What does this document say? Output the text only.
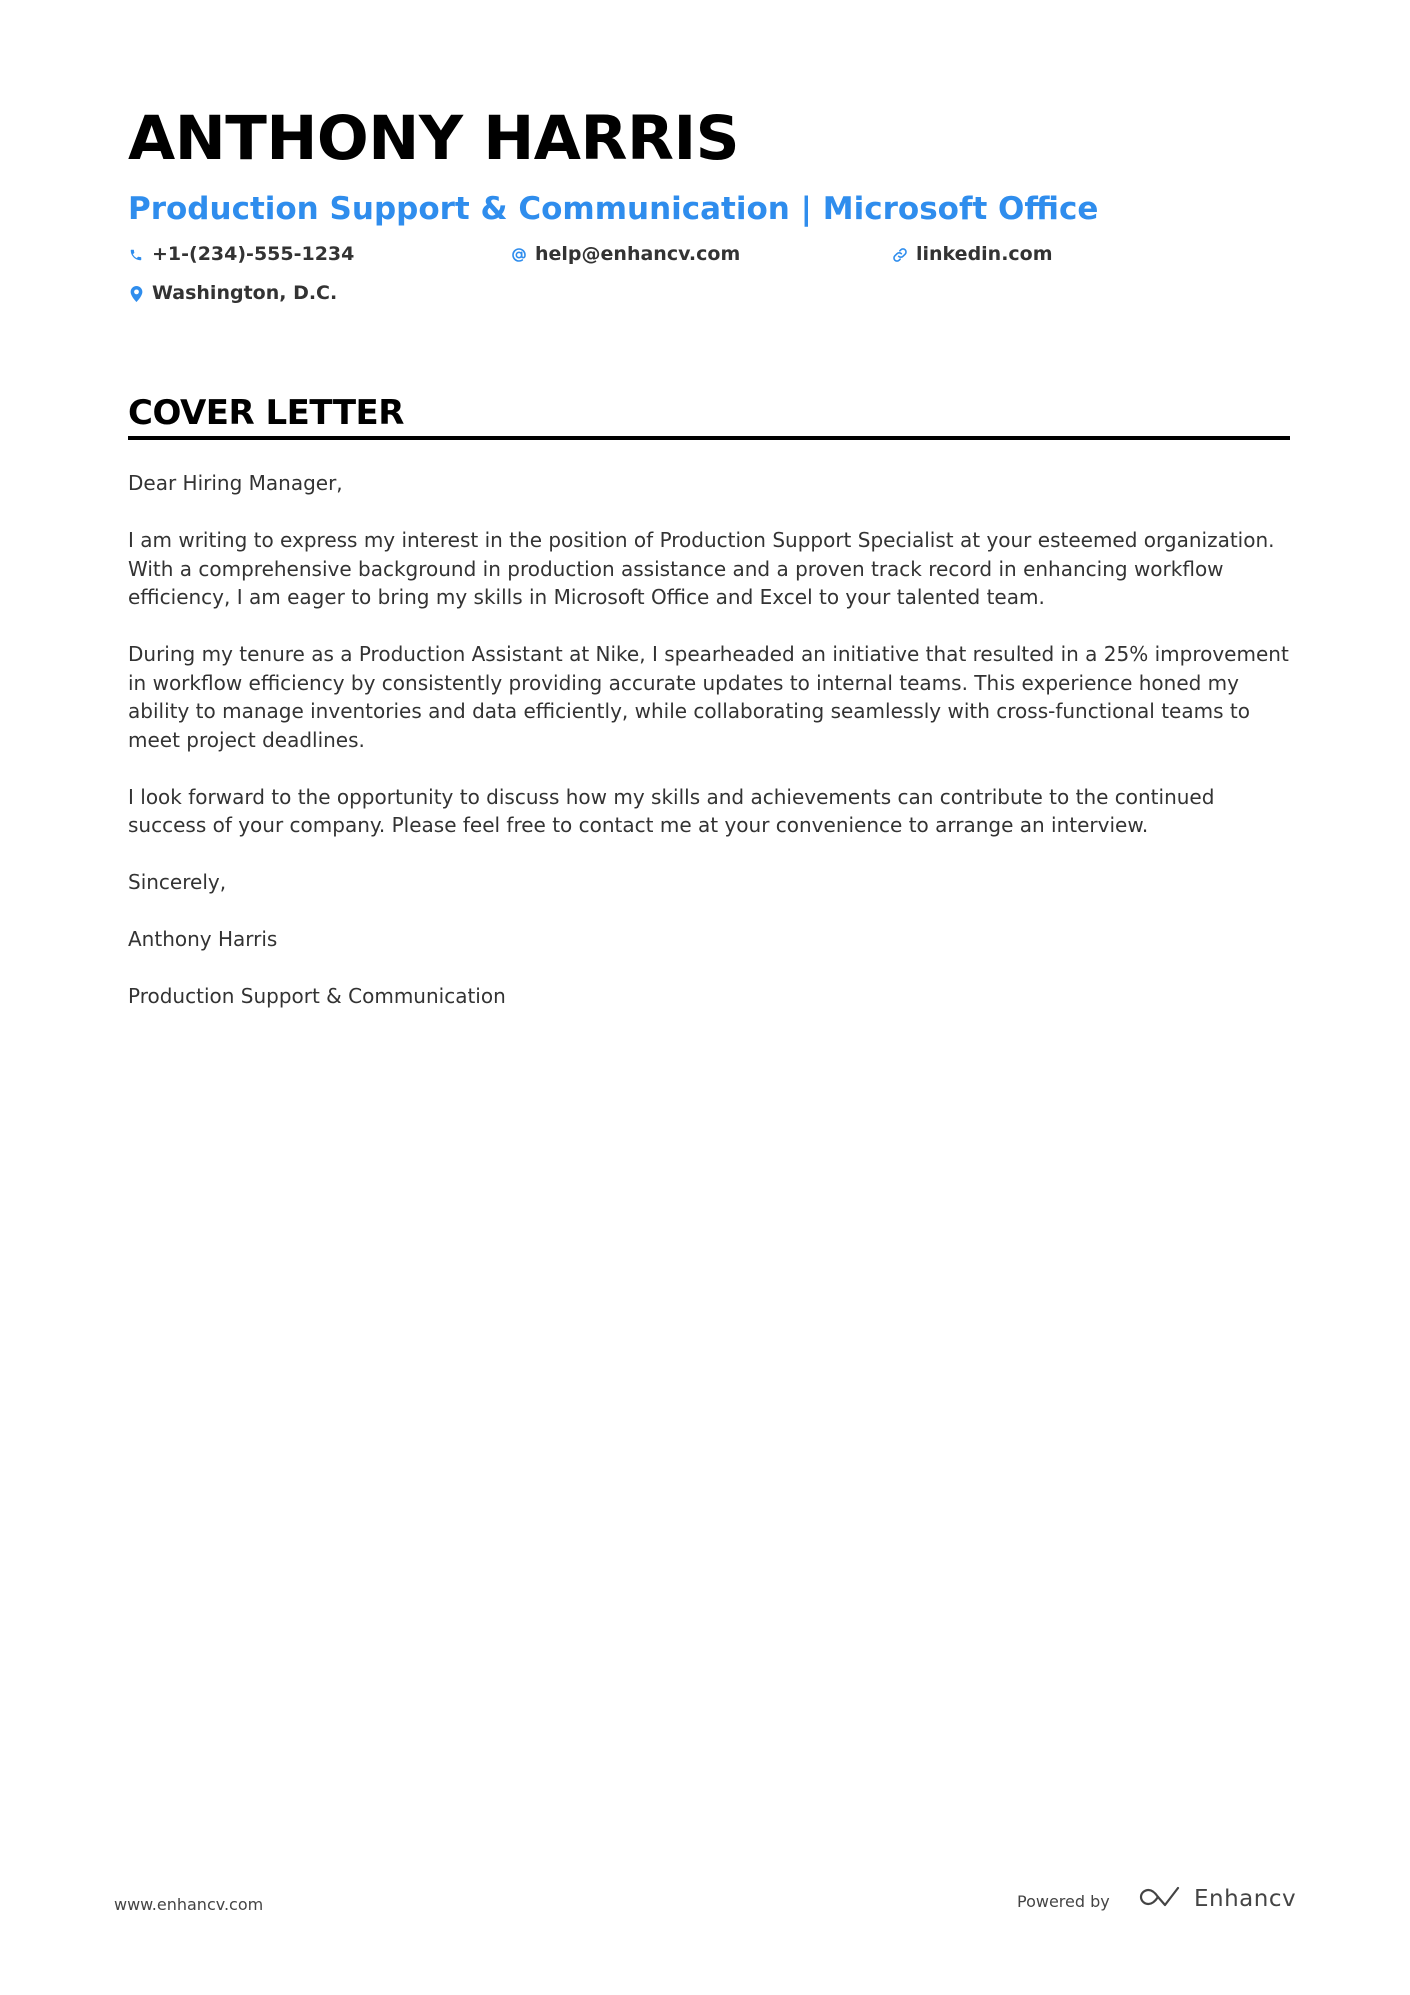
ANTHONY HARRIS
Production Support & Communication | Microsoft Office
+1-(234)-555-1234	help@enhancv.com	linkedin.com
Washington, D.C.
COVER LETTER

Dear Hiring Manager,

I am writing to express my interest in the position of Production Support Specialist at your esteemed organization. With a comprehensive background in production assistance and a proven track record in enhancing workflow efficiency, I am eager to bring my skills in Microsoft Office and Excel to your talented team.

During my tenure as a Production Assistant at Nike, I spearheaded an initiative that resulted in a 25% improvement in workflow efficiency by consistently providing accurate updates to internal teams. This experience honed my ability to manage inventories and data efficiently, while collaborating seamlessly with cross-functional teams to meet project deadlines.

I look forward to the opportunity to discuss how my skills and achievements can contribute to the continued success of your company. Please feel free to contact me at your convenience to arrange an interview.

Sincerely,

Anthony Harris

Production Support & Communication

www.enhancv.com	Powered by	Enhancv
